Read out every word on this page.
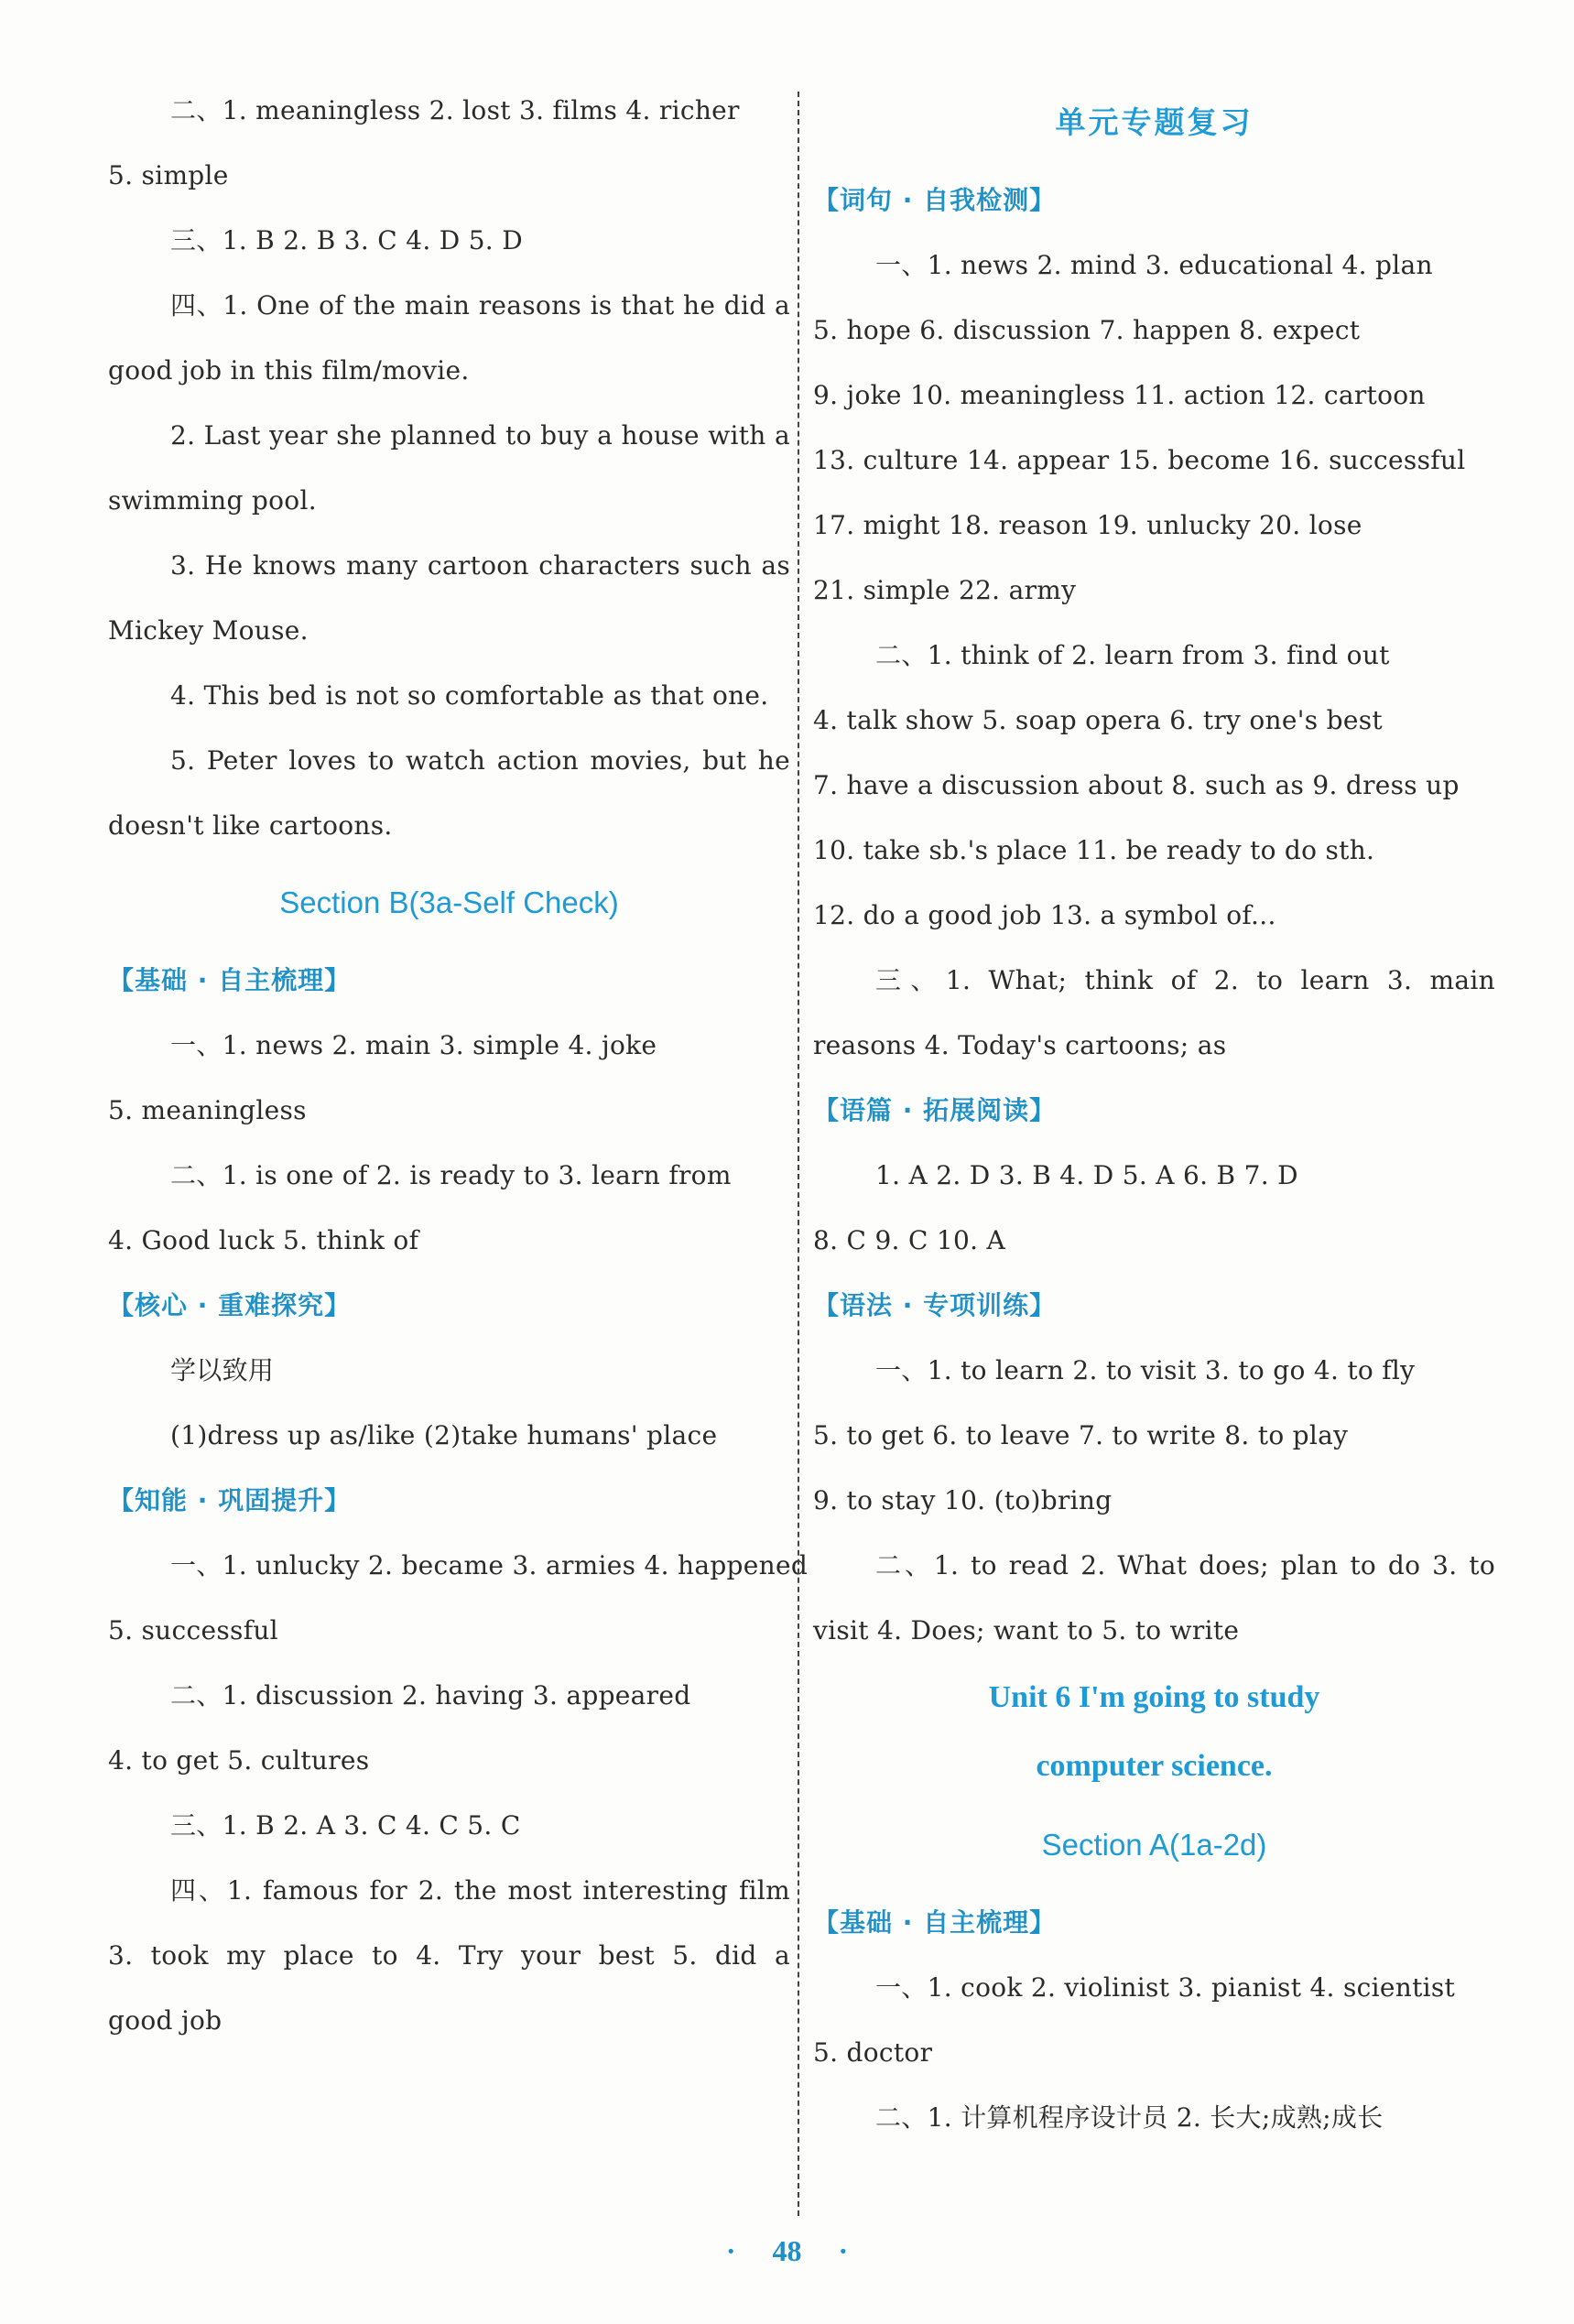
二、1. meaningless 2. lost 3. films 4. richer
5. simple
三、1. B 2. B 3. C 4. D 5. D
四、1. One of the main reasons is that he did a
good job in this film/movie.
2. Last year she planned to buy a house with a
swimming pool.
3. He knows many cartoon characters such as
Mickey Mouse.
4. This bed is not so comfortable as that one.
5. Peter loves to watch action movies, but he
doesn't like cartoons.
Section B(3a-Self Check)
【基础 · 自主梳理】
一、1. news 2. main 3. simple 4. joke
5. meaningless
二、1. is one of 2. is ready to 3. learn from
4. Good luck 5. think of
【核心 · 重难探究】
学以致用
(1)dress up as/like (2)take humans' place
【知能 · 巩固提升】
一、1. unlucky 2. became 3. armies 4. happened
5. successful
二、1. discussion 2. having 3. appeared
4. to get 5. cultures
三、1. B 2. A 3. C 4. C 5. C
四、1. famous for 2. the most interesting film
3. took my place to 4. Try your best 5. did a
good job
单元专题复习
【词句 · 自我检测】
一、1. news 2. mind 3. educational 4. plan
5. hope 6. discussion 7. happen 8. expect
9. joke 10. meaningless 11. action 12. cartoon
13. culture 14. appear 15. become 16. successful
17. might 18. reason 19. unlucky 20. lose
21. simple 22. army
二、1. think of 2. learn from 3. find out
4. talk show 5. soap opera 6. try one's best
7. have a discussion about 8. such as 9. dress up
10. take sb.'s place 11. be ready to do sth.
12. do a good job 13. a symbol of...
三、1. What; think of 2. to learn 3. main
reasons 4. Today's cartoons; as
【语篇 · 拓展阅读】
1. A 2. D 3. B 4. D 5. A 6. B 7. D
8. C 9. C 10. A
【语法 · 专项训练】
一、1. to learn 2. to visit 3. to go 4. to fly
5. to get 6. to leave 7. to write 8. to play
9. to stay 10. (to)bring
二、1. to read 2. What does; plan to do 3. to
visit 4. Does; want to 5. to write
Unit 6 I'm going to study
computer science.
Section A(1a-2d)
【基础 · 自主梳理】
一、1. cook 2. violinist 3. pianist 4. scientist
5. doctor
二、1. 计算机程序设计员 2. 长大;成熟;成长
· 48 ·
